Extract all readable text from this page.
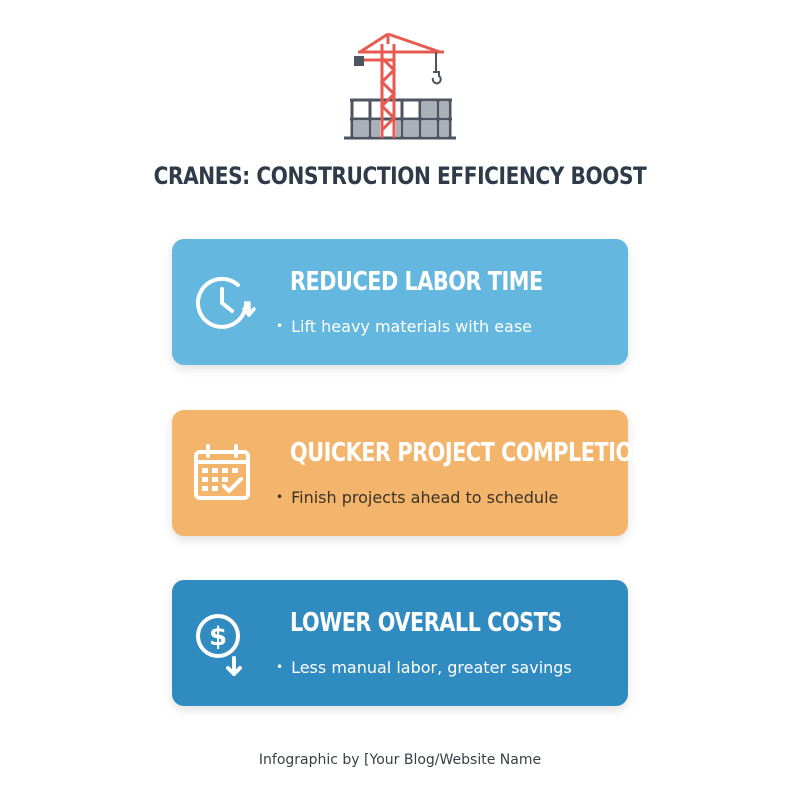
CRANES: CONSTRUCTION EFFICIENCY BOOST
REDUCED LABOR TIME
• Lift heavy materials with ease
QUICKER PROJECT COMPLETION
• Finish projects ahead to schedule
$ LOWER OVERALL COSTS
• Less manual labor, greater savings
Infographic by [Your Blog/Website Name
